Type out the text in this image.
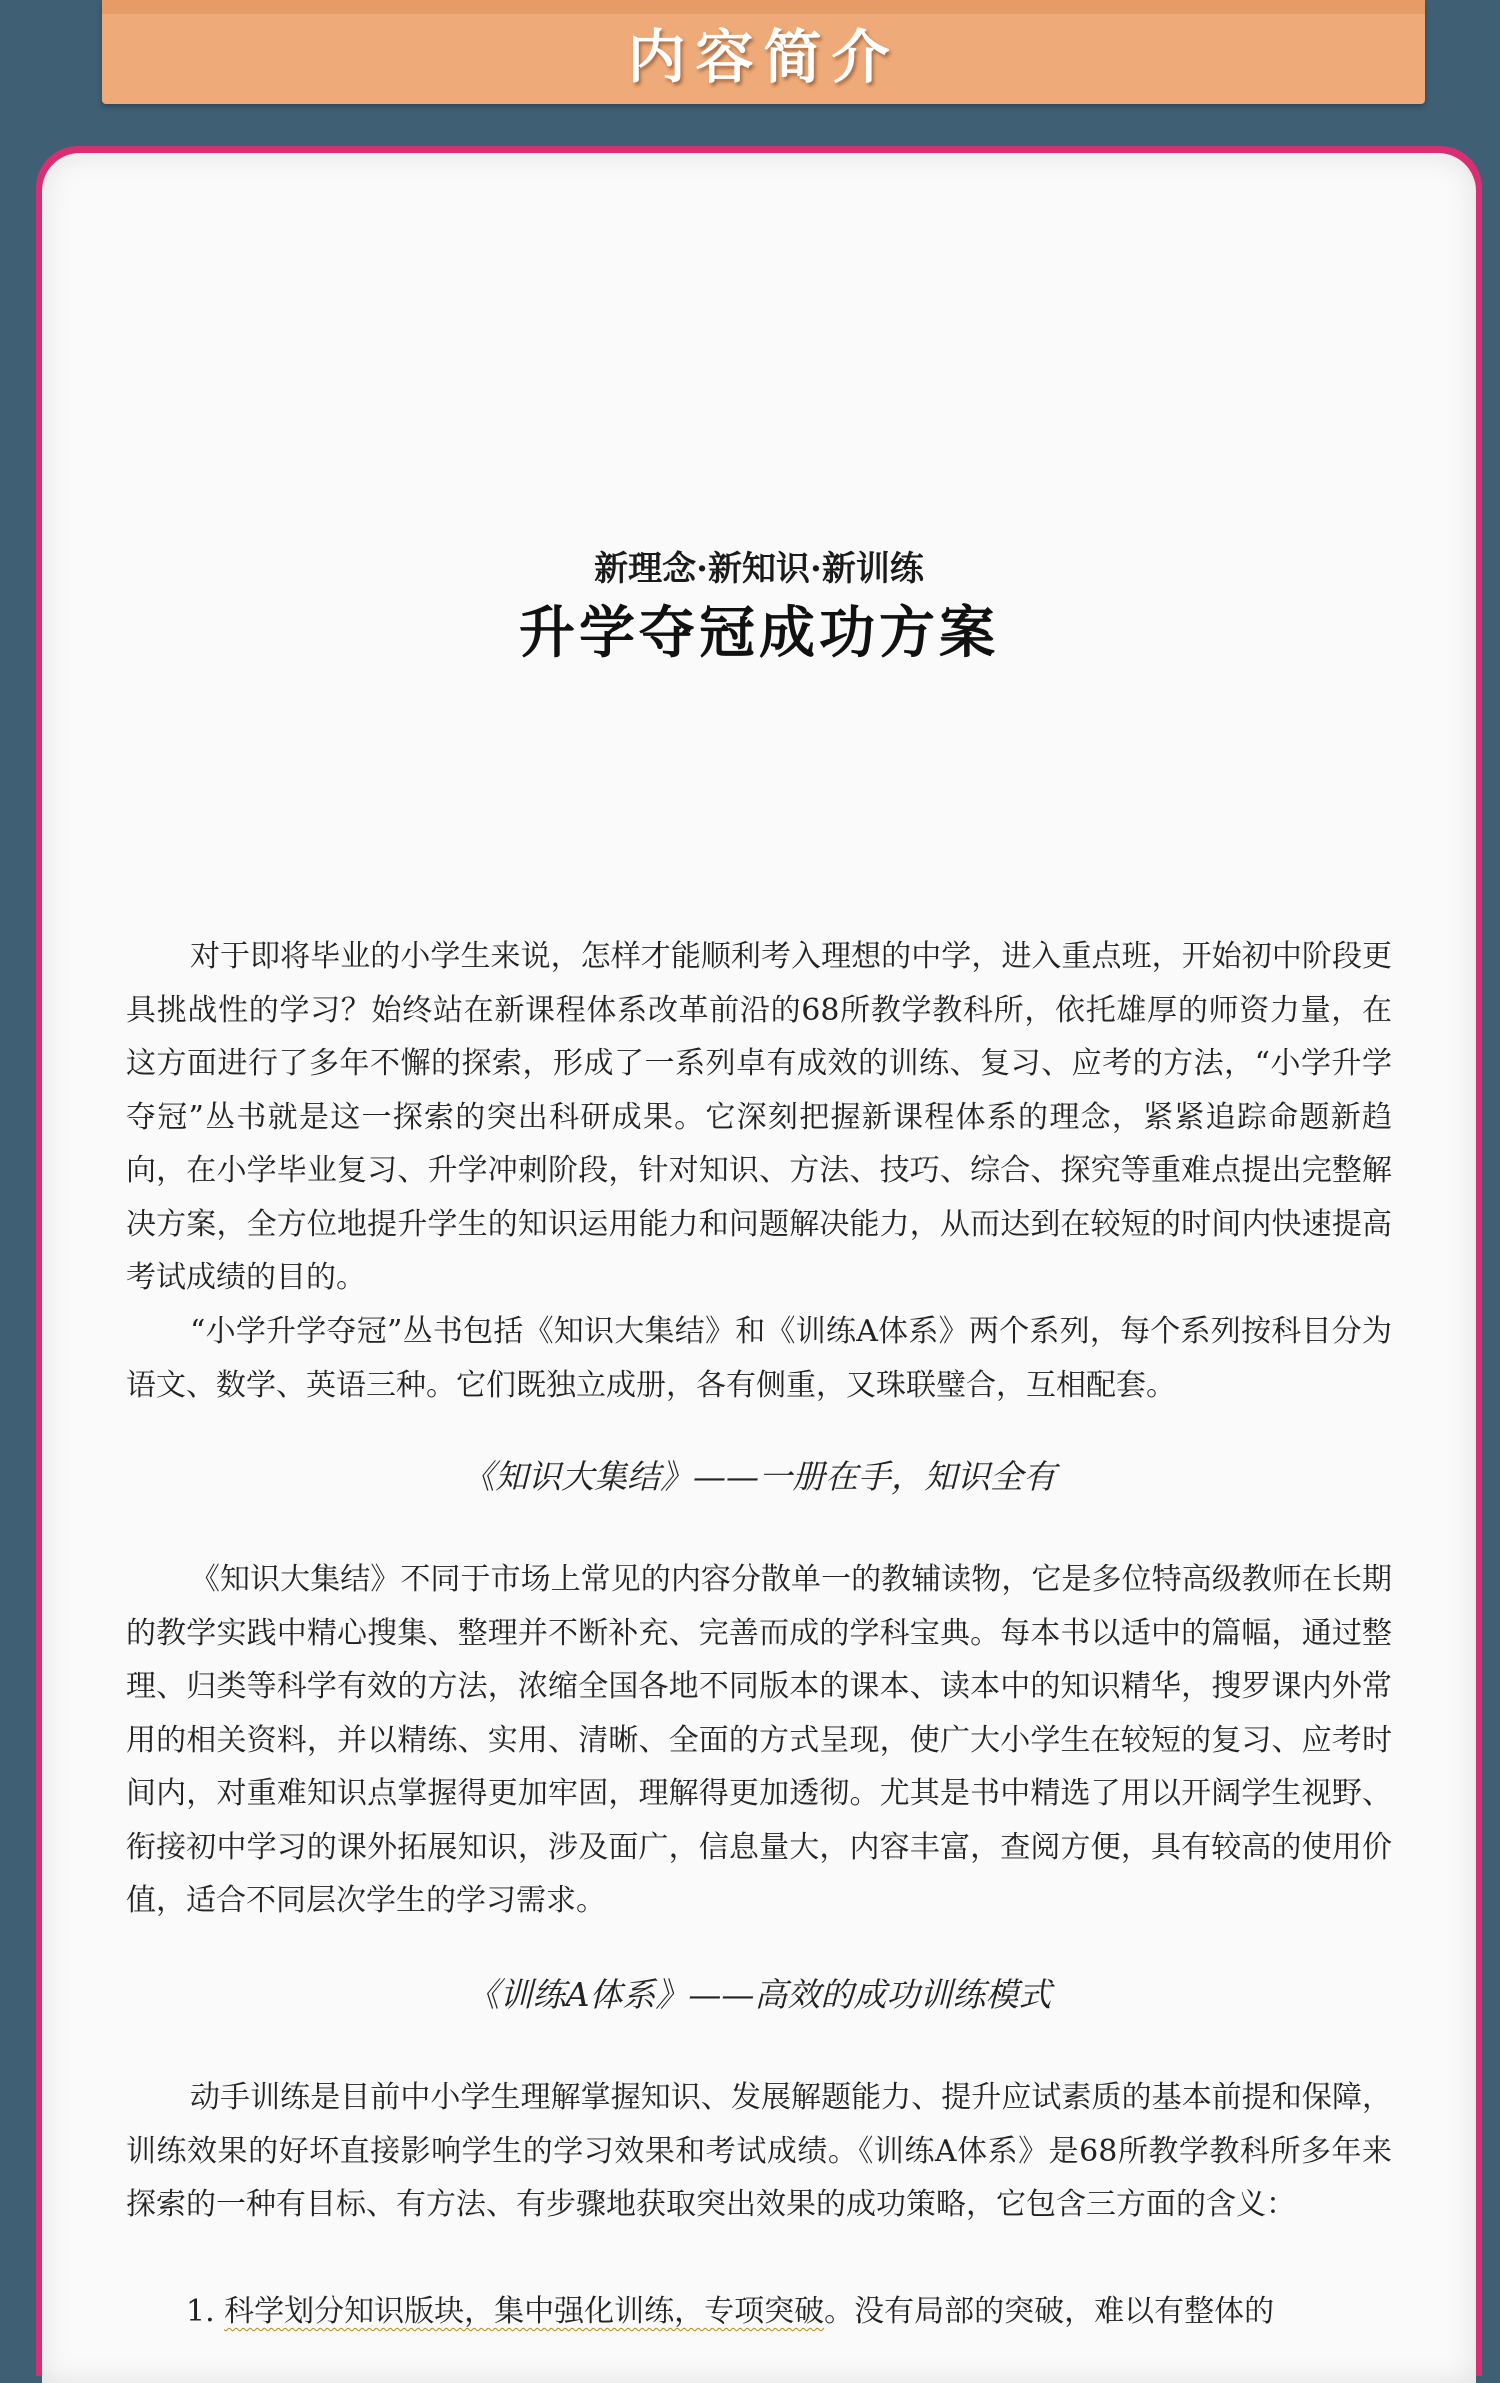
内容简介
新理念·新知识·新训练
升学夺冠成功方案

对于即将毕业的小学生来说，怎样才能顺利考入理想的中学，进入重点班，开始初中阶段更具挑战性的学习？始终站在新课程体系改革前沿的68所教学教科所，依托雄厚的师资力量，在这方面进行了多年不懈的探索，形成了一系列卓有成效的训练、复习、应考的方法，“小学升学夺冠”丛书就是这一探索的突出科研成果。它深刻把握新课程体系的理念，紧紧追踪命题新趋向，在小学毕业复习、升学冲刺阶段，针对知识、方法、技巧、综合、探究等重难点提出完整解决方案，全方位地提升学生的知识运用能力和问题解决能力，从而达到在较短的时间内快速提高考试成绩的目的。

“小学升学夺冠”丛书包括《知识大集结》和《训练A体系》两个系列，每个系列按科目分为语文、数学、英语三种。它们既独立成册，各有侧重，又珠联璧合，互相配套。

《知识大集结》——一册在手，知识全有

《知识大集结》不同于市场上常见的内容分散单一的教辅读物，它是多位特高级教师在长期的教学实践中精心搜集、整理并不断补充、完善而成的学科宝典。每本书以适中的篇幅，通过整理、归类等科学有效的方法，浓缩全国各地不同版本的课本、读本中的知识精华，搜罗课内外常用的相关资料，并以精练、实用、清晰、全面的方式呈现，使广大小学生在较短的复习、应考时间内，对重难知识点掌握得更加牢固，理解得更加透彻。尤其是书中精选了用以开阔学生视野、衔接初中学习的课外拓展知识，涉及面广，信息量大，内容丰富，查阅方便，具有较高的使用价值，适合不同层次学生的学习需求。

《训练A体系》——高效的成功训练模式

动手训练是目前中小学生理解掌握知识、发展解题能力、提升应试素质的基本前提和保障，训练效果的好坏直接影响学生的学习效果和考试成绩。《训练A体系》是68所教学教科所多年来探索的一种有目标、有方法、有步骤地获取突出效果的成功策略，它包含三方面的含义：

1. 科学划分知识版块，集中强化训练，专项突破。没有局部的突破，难以有整体的
